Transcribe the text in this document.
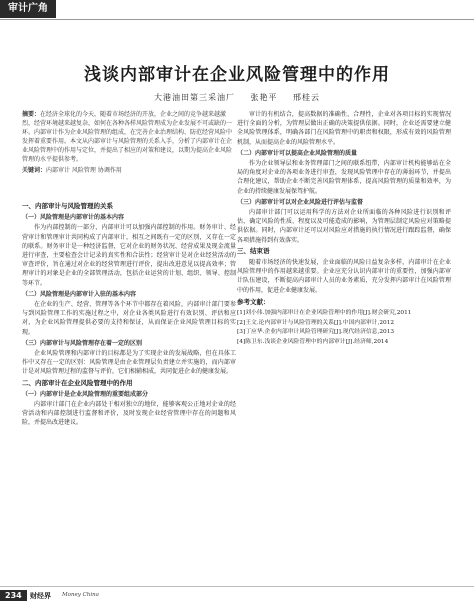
审计广角
浅谈内部审计在企业风险管理中的作用
大港油田第三采油厂 张艳平 邢桂云
摘要：在经济全球化的今天，随着市场经济的开放，企业之间的竞争越来越激烈，经营环境越来越复杂，如何在各种各样风险管理成为企业发展不可或缺的一环。内部审计作为企业风险管理的组成，在完善企业治理结构、防范经营风险中发挥着重要作用。本文从内部审计与风险管理的关系入手，分析了内部审计在企业风险管理中的作用与定位，并提出了相应的对策和建议，以期为提高企业风险管理的水平提供参考。
关键词：内部审计 风险管理 协调作用
一、内部审计与风险管理的关系
（一）风险管理是内部审计的基本内容

作为内部控制的一部分，内部审计可以加强内部控制的作用。财务审计、经营审计和管理审计共同构成了内部审计，相互之间既有一定的区别，又存在一定的联系。财务审计是一种经济监督，它对企业的财务状况、经营成果及现金流量进行审查，主要检查会计记录的真实性和合法性；经营审计是对企业经营活动的审查评价，旨在通过对企业的经营管理进行评价，提出改进意见以提高效率；管理审计的对象是企业的全部管理活动，包括企业运营的计划、组织、领导、控制等环节。

（二）风险管理是内部审计入驻的基本内容

在企业的生产、经营、管理等各个环节中都存在着风险，内部审计部门要参与到风险管理工作的实施过程之中，对企业各类风险进行有效识别、评估和应对，为企业风险管理提供必要的支持和保证，从而保证企业风险管理目标的实现。

（三）内部审计与风险管理存在着一定的区别

企业风险管理和内部审计的目标都是为了实现企业的发展战略，但在具体工作中又存在一定的区别：风险管理是由企业管理层负责建立并实施的，而内部审计是对风险管理过程的监督与评价，它们相辅相成，共同促进企业的健康发展。

二、内部审计在企业风险管理中的作用
（一）内部审计是企业风险管理的重要组成部分

内部审计部门在企业内部处于相对独立的地位，能够客观公正地对企业的经营活动和内部控制进行监督和评价，及时发现企业经营管理中存在的问题和风险，并提出改进建议。

审计的有机结合，提高数据的准确性、合理性，企业对各项目标的实现情况进行全面的分析，为管理层做出正确的决策提供依据。同时，企业还需要建立健全风险管理体系，明确各部门在风险管理中的职责和权限，形成有效的风险管理机制，从而提高企业的风险管理水平。

（二）内部审计可以提高企业风险管理的质量

作为企业领导层和业务管理部门之间的联系纽带，内部审计机构能够站在全局的角度对企业的各项业务进行审查，发现风险管理中存在的薄弱环节，并提出合理化建议，帮助企业不断完善风险管理体系，提高风险管理的质量和效率，为企业的持续健康发展保驾护航。

（三）内部审计可以对企业风险进行评估与监督

内部审计部门可以运用科学的方法对企业所面临的各种风险进行识别和评估，确定风险的性质、程度以及可能造成的影响，为管理层制定风险应对策略提供依据。同时，内部审计还可以对风险应对措施的执行情况进行跟踪监督，确保各项措施得到有效落实。

三、结束语

随着市场经济的快速发展，企业面临的风险日益复杂多样，内部审计在企业风险管理中的作用越来越重要。企业应充分认识内部审计的重要性，加强内部审计队伍建设，不断提高内部审计人员的业务素质，充分发挥内部审计在风险管理中的作用，促进企业健康发展。

参考文献：
[1]刘小伟.加强内部审计在企业风险管理中的作用[J].财会研究,2011
[2]王文.论内部审计与风险管理的关系[J].中国内部审计,2012
[3]丁应华.企业内部审计风险管理研究[J].现代经济信息,2013
[4]陈卫东.浅谈企业风险管理中的内部审计[J].经济师,2014
234	财经界 Money China
